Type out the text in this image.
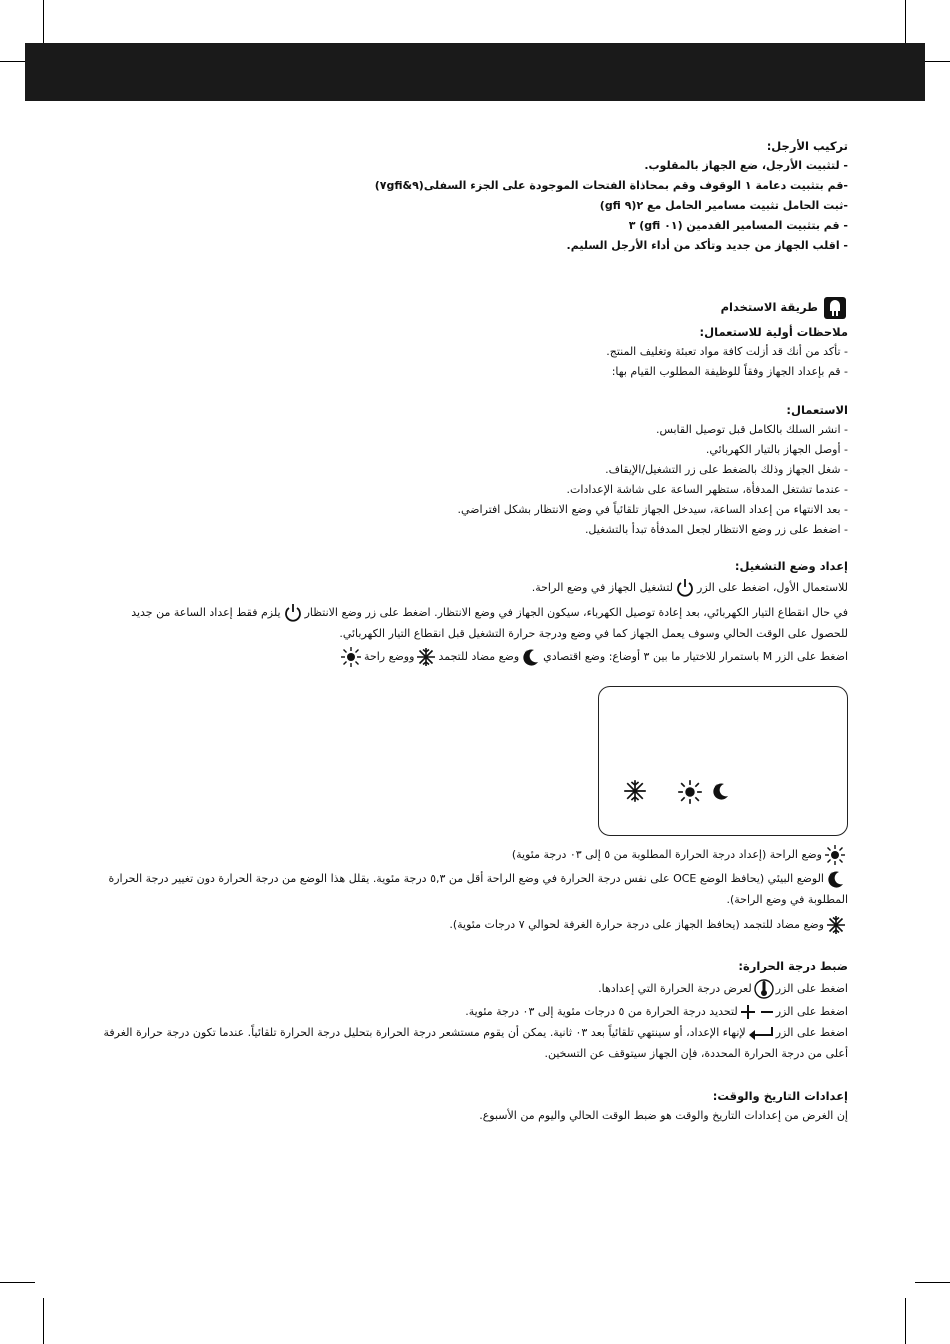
تركيب الأرجل:
- لتثبيت الأرجل، ضع الجهاز بالمقلوب.
-قم بتثبيت دعامة ١ الوقوف وقم بمحاذاة الفتحات الموجودة على الجزء السفلى(٩&٧gfi)
-ثبت الحامل تثبيت مسامير الحامل مع ٢(٩ gfi)
- قم بتثبيت المسامير القدمين (٠١ gfi) ٣
- اقلب الجهاز من جديد وتأكد من أداء الأرجل السليم.
طريقة الاستخدام
ملاحظات أولية للاستعمال:
- تأكد من أنك قد أزلت كافة مواد تعبئة وتغليف المنتج.
- قم بإعداد الجهاز وفقاً للوظيفة المطلوب القيام بها:
الاستعمال:
- انشر السلك بالكامل قبل توصيل القابس.
- أوصل الجهاز بالتيار الكهربائي.
- شغل الجهاز وذلك بالضغط على زر التشغيل/الإيقاف.
- عندما تشتغل المدفأة، ستظهر الساعة على شاشة الإعدادات.
- بعد الانتهاء من إعداد الساعة، سيدخل الجهاز تلقائياً في وضع الانتظار بشكل افتراضي.
- اضغط على زر وضع الانتظار لجعل المدفأة تبدأ بالتشغيل.
إعداد وضع التشغيل:
للاستعمال الأول، اضغط على الزرلتشغيل الجهاز في وضع الراحة.
في حال انقطاع التيار الكهربائي، بعد إعادة توصيل الكهرباء، سيكون الجهاز في وضع الانتظار. اضغط على زر وضع الانتظاريلزم فقط إعداد الساعة من جديد للحصول على الوقت الحالي وسوف يعمل الجهاز كما في وضع ودرجة حرارة التشغيل قبل انقطاع التيار الكهربائي.
اضغط على الزر M باستمرار للاختيار ما بين ٣ أوضاع: وضع اقتصاديوضع مضاد للتجمدووضع راحة
وضع الراحة (إعداد درجة الحرارة المطلوبة من ٥ إلى ٠٣ درجة مئوية)
الوضع البيئي (يحافظ الوضع OCE على نفس درجة الحرارة في وضع الراحة أقل من ٥,٣ درجة مئوية. يقلل هذا الوضع من درجة الحرارة دون تغيير درجة الحرارة المطلوبة في وضع الراحة).
وضع مضاد للتجمد (يحافظ الجهاز على درجة حرارة الغرفة لحوالي ٧ درجات مئوية).
ضبط درجة الحرارة:
اضغط على الزرلعرض درجة الحرارة التي إعدادها.
اضغط على الزرلتحديد درجة الحرارة من ٥ درجات مئوية إلى ٠٣ درجة مئوية.
اضغط على الزرلإنهاء الإعداد، أو سينتهي تلقائياً بعد ٠٣ ثانية. يمكن أن يقوم مستشعر درجة الحرارة بتحليل درجة الحرارة تلقائياً. عندما تكون درجة حرارة الغرفة أعلى من درجة الحرارة المحددة، فإن الجهاز سيتوقف عن التسخين.
إعدادات التاريخ والوقت:
إن الغرض من إعدادات التاريخ والوقت هو ضبط الوقت الحالي واليوم من الأسبوع.
